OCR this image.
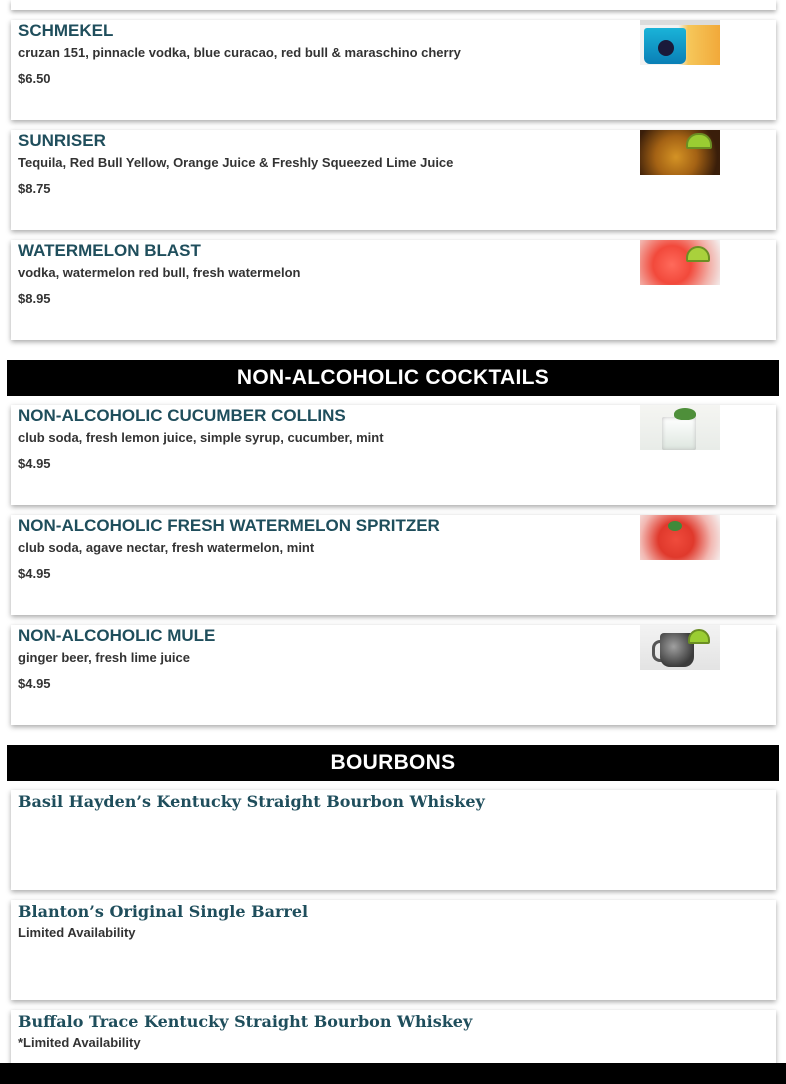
SCHMEKEL

cruzan 151, pinnacle vodka, blue curacao, red bull & maraschino cherry

$6.50

SUNRISER

Tequila, Red Bull Yellow, Orange Juice & Freshly Squeezed Lime Juice

$8.75

WATERMELON BLAST

vodka, watermelon red bull, fresh watermelon

$8.95

NON-ALCOHOLIC COCKTAILS
NON-ALCOHOLIC CUCUMBER COLLINS

club soda, fresh lemon juice, simple syrup, cucumber, mint

$4.95

NON-ALCOHOLIC FRESH WATERMELON SPRITZER

club soda, agave nectar, fresh watermelon, mint

$4.95

NON-ALCOHOLIC MULE

ginger beer, fresh lime juice

$4.95

BOURBONS
Basil Hayden’s Kentucky Straight Bourbon Whiskey
Blanton’s Original Single Barrel

Limited Availability

Buffalo Trace Kentucky Straight Bourbon Whiskey

*Limited Availability
